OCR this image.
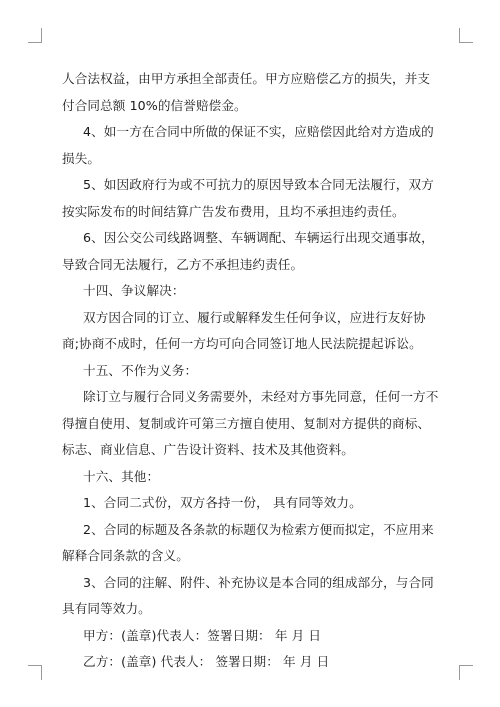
人合法权益，由甲方承担全部责任。甲方应赔偿乙方的损失，并支付合同总额 10%的信誉赔偿金。

4、如一方在合同中所做的保证不实，应赔偿因此给对方造成的损失。

5、如因政府行为或不可抗力的原因导致本合同无法履行，双方按实际发布的时间结算广告发布费用，且均不承担违约责任。

6、因公交公司线路调整、车辆调配、车辆运行出现交通事故，导致合同无法履行，乙方不承担违约责任。

十四、争议解决：

双方因合同的订立、履行或解释发生任何争议，应进行友好协商;协商不成时，任何一方均可向合同签订地人民法院提起诉讼。

十五、不作为义务：

除订立与履行合同义务需要外，未经对方事先同意，任何一方不得擅自使用、复制或许可第三方擅自使用、复制对方提供的商标、标志、商业信息、广告设计资料、技术及其他资料。

十六、其他：

1、合同二式份，双方各持一份， 具有同等效力。

2、合同的标题及各条款的标题仅为检索方便而拟定，不应用来解释合同条款的含义。

3、合同的注解、附件、补充协议是本合同的组成部分，与合同具有同等效力。

甲方：(盖章)代表人：签署日期： 年 月 日

乙方：(盖章) 代表人： 签署日期： 年 月 日
